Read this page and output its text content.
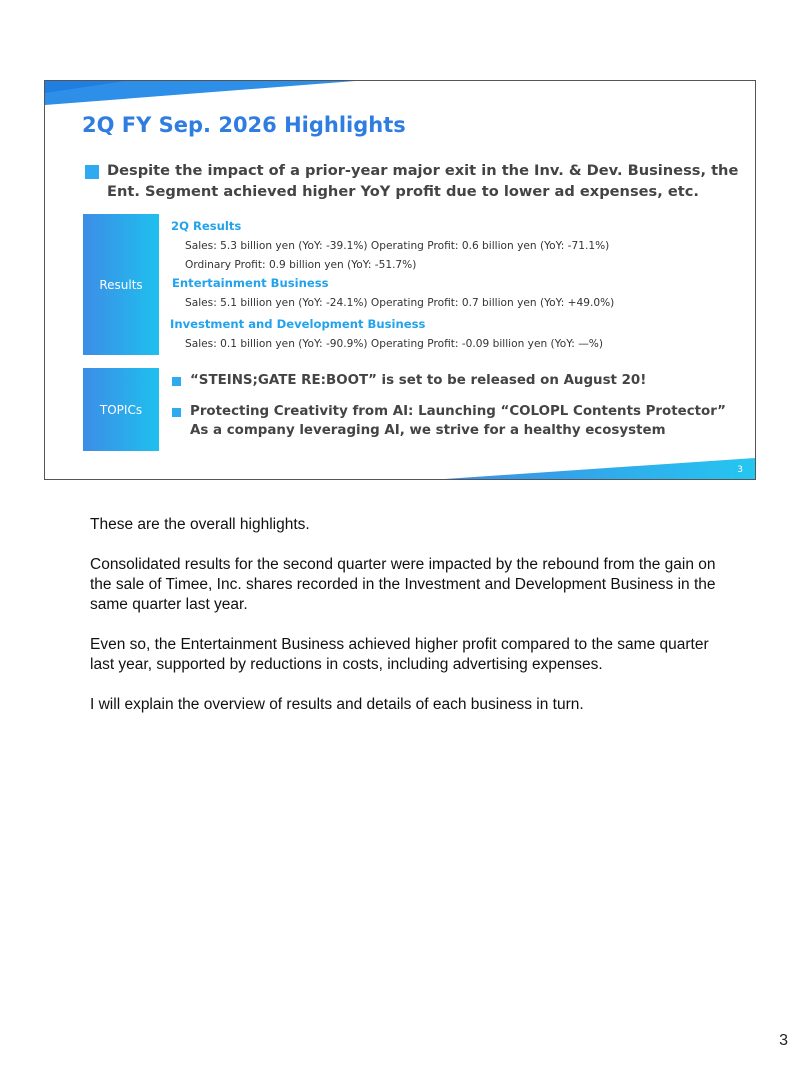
2Q FY Sep. 2026 Highlights
Despite the impact of a prior-year major exit in the Inv. & Dev. Business, the Ent. Segment achieved higher YoY profit due to lower ad expenses, etc.
Results
2Q Results
Sales: 5.3 billion yen (YoY: -39.1%) Operating Profit: 0.6 billion yen (YoY: -71.1%)
Ordinary Profit: 0.9 billion yen (YoY: -51.7%)
Entertainment Business
Sales: 5.1 billion yen (YoY: -24.1%) Operating Profit: 0.7 billion yen (YoY: +49.0%)
Investment and Development Business
Sales: 0.1 billion yen (YoY: -90.9%) Operating Profit: -0.09 billion yen (YoY: —%)
TOPICs
“STEINS;GATE RE:BOOT” is set to be released on August 20!
Protecting Creativity from AI: Launching “COLOPL Contents Protector”
As a company leveraging AI, we strive for a healthy ecosystem
3

These are the overall highlights.

Consolidated results for the second quarter were impacted by the rebound from the gain on the sale of Timee, Inc. shares recorded in the Investment and Development Business in the same quarter last year.

Even so, the Entertainment Business achieved higher profit compared to the same quarter last year, supported by reductions in costs, including advertising expenses.

I will explain the overview of results and details of each business in turn.

3
